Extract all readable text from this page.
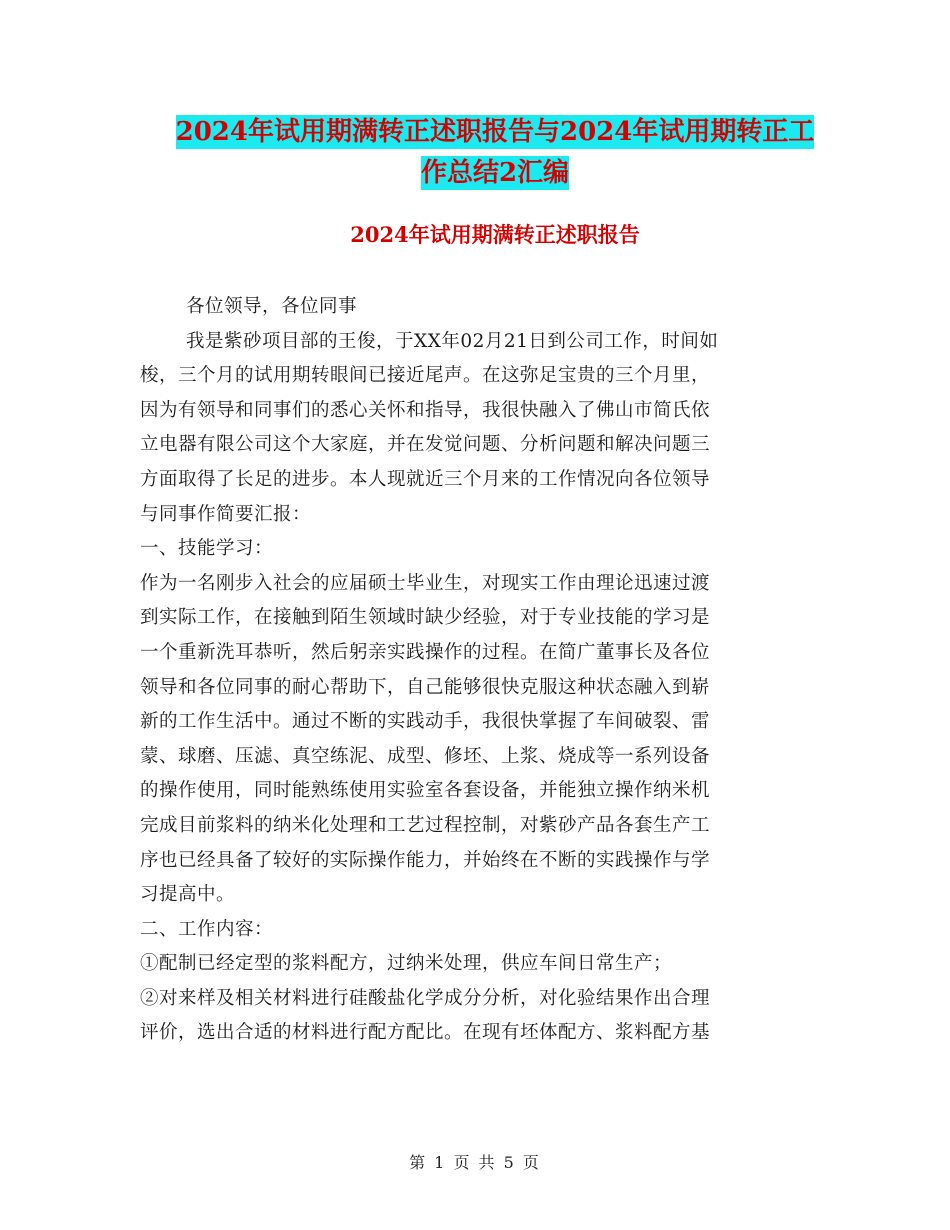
2024年试用期满转正述职报告与2024年试用期转正工
作总结2汇编
2024年试用期满转正述职报告
各位领导，各位同事
我是紫砂项目部的王俊，于XX年02月21日到公司工作，时间如
梭，三个月的试用期转眼间已接近尾声。在这弥足宝贵的三个月里，
因为有领导和同事们的悉心关怀和指导，我很快融入了佛山市简氏依
立电器有限公司这个大家庭，并在发觉问题、分析问题和解决问题三
方面取得了长足的进步。本人现就近三个月来的工作情况向各位领导
与同事作简要汇报：
一、技能学习：
作为一名刚步入社会的应届硕士毕业生，对现实工作由理论迅速过渡
到实际工作，在接触到陌生领域时缺少经验，对于专业技能的学习是
一个重新洗耳恭听，然后躬亲实践操作的过程。在简广董事长及各位
领导和各位同事的耐心帮助下，自己能够很快克服这种状态融入到崭
新的工作生活中。通过不断的实践动手，我很快掌握了车间破裂、雷
蒙、球磨、压滤、真空练泥、成型、修坯、上浆、烧成等一系列设备
的操作使用，同时能熟练使用实验室各套设备，并能独立操作纳米机
完成目前浆料的纳米化处理和工艺过程控制，对紫砂产品各套生产工
序也已经具备了较好的实际操作能力，并始终在不断的实践操作与学
习提高中。
二、工作内容：
①配制已经定型的浆料配方，过纳米处理，供应车间日常生产；
②对来样及相关材料进行硅酸盐化学成分分析，对化验结果作出合理
评价，选出合适的材料进行配方配比。在现有坯体配方、浆料配方基
第 1 页 共 5 页
